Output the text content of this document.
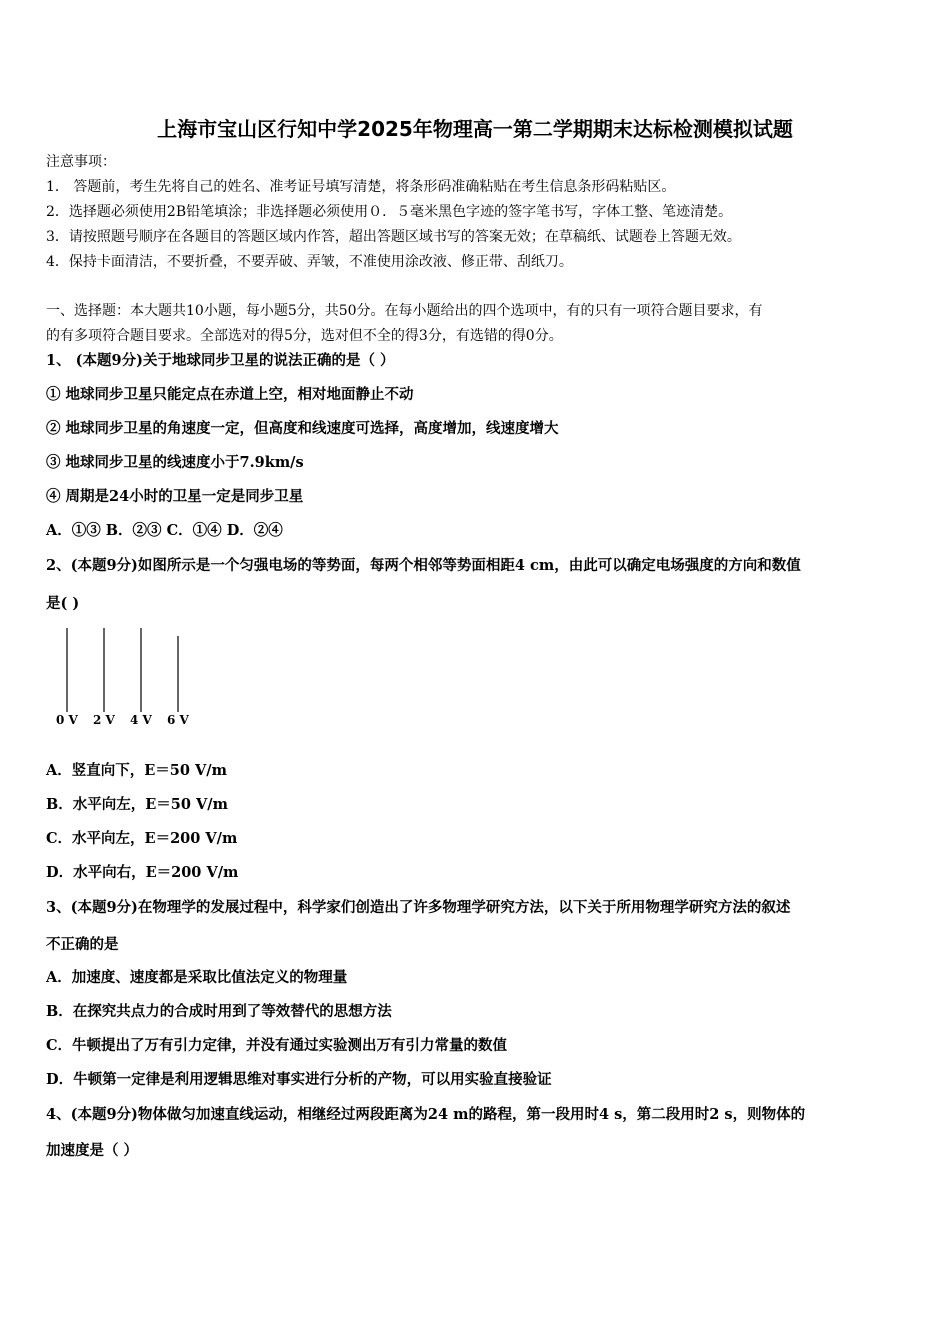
上海市宝山区行知中学2025年物理高一第二学期期末达标检测模拟试题
注意事项：
1． 答题前，考生先将自己的姓名、准考证号填写清楚，将条形码准确粘贴在考生信息条形码粘贴区。
2．选择题必须使用2B铅笔填涂；非选择题必须使用０．５毫米黑色字迹的签字笔书写，字体工整、笔迹清楚。
3．请按照题号顺序在各题目的答题区域内作答，超出答题区域书写的答案无效；在草稿纸、试题卷上答题无效。
4．保持卡面清洁，不要折叠，不要弄破、弄皱，不准使用涂改液、修正带、刮纸刀。
一、选择题：本大题共10小题，每小题5分，共50分。在每小题给出的四个选项中，有的只有一项符合题目要求，有
的有多项符合题目要求。全部选对的得5分，选对但不全的得3分，有选错的得0分。
1、 (本题9分)关于地球同步卫星的说法正确的是（ ）
① 地球同步卫星只能定点在赤道上空，相对地面静止不动
② 地球同步卫星的角速度一定，但高度和线速度可选择，高度增加，线速度增大
③ 地球同步卫星的线速度小于7.9km/s
④ 周期是24小时的卫星一定是同步卫星
A．①③ B．②③ C．①④ D．②④
2、(本题9分)如图所示是一个匀强电场的等势面，每两个相邻等势面相距4 cm，由此可以确定电场强度的方向和数值
是( )
0 V 2 V 4 V 6 V
A．竖直向下，E＝50 V/m
B．水平向左，E＝50 V/m
C．水平向左，E＝200 V/m
D．水平向右，E＝200 V/m
3、(本题9分)在物理学的发展过程中，科学家们创造出了许多物理学研究方法，以下关于所用物理学研究方法的叙述
不正确的是
A．加速度、速度都是采取比值法定义的物理量
B．在探究共点力的合成时用到了等效替代的思想方法
C．牛顿提出了万有引力定律，并没有通过实验测出万有引力常量的数值
D．牛顿第一定律是利用逻辑思维对事实进行分析的产物，可以用实验直接验证
4、(本题9分)物体做匀加速直线运动，相继经过两段距离为24 m的路程，第一段用时4 s，第二段用时2 s，则物体的
加速度是（ ）
